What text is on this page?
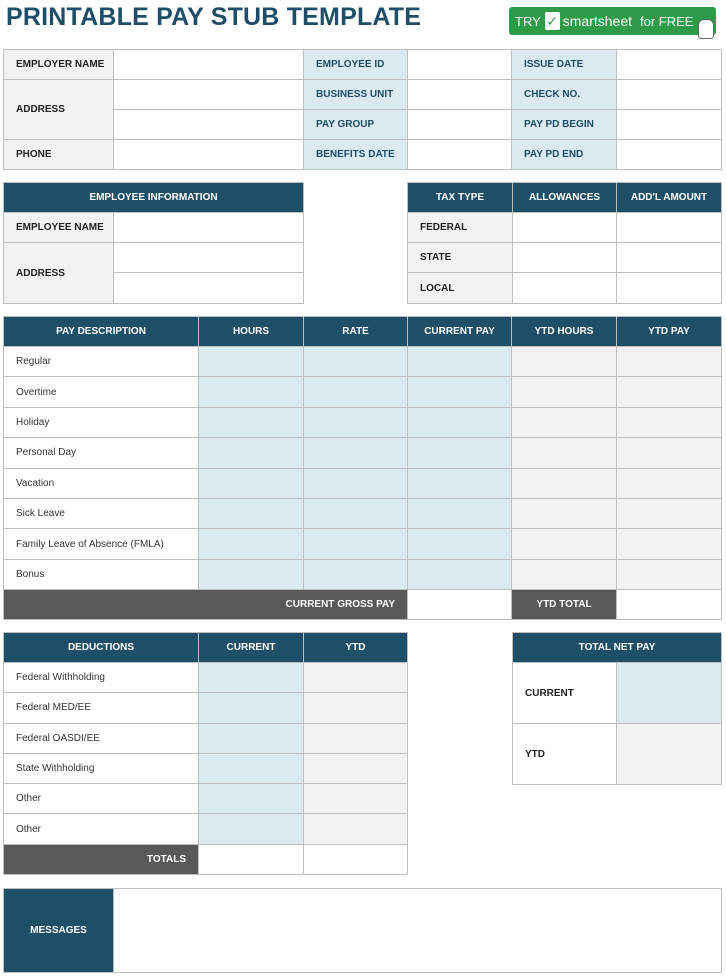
PRINTABLE PAY STUB TEMPLATE	TRY ✓ smartsheet for FREE
EMPLOYER NAME		EMPLOYEE ID		ISSUE DATE	
ADDRESS		BUSINESS UNIT		CHECK NO.	
		PAY GROUP		PAY PD BEGIN	
PHONE		BENEFITS DATE		PAY PD END	
EMPLOYEE INFORMATION	
EMPLOYEE NAME	
ADDRESS	

TAX TYPE	ALLOWANCES	ADD'L AMOUNT
FEDERAL		
STATE		
LOCAL		
PAY DESCRIPTION	HOURS	RATE	CURRENT PAY	YTD HOURS	YTD PAY
Regular					
Overtime					
Holiday					
Personal Day					
Vacation					
Sick Leave					
Family Leave of Absence (FMLA)					
Bonus					
CURRENT GROSS PAY				YTD TOTAL	
DEDUCTIONS	CURRENT	YTD
Federal Withholding		
Federal MED/EE		
Federal OASDI/EE		
State Withholding		
Other		
Other		
TOTALS		
TOTAL NET PAY	
CURRENT	
YTD	
MESSAGES	
